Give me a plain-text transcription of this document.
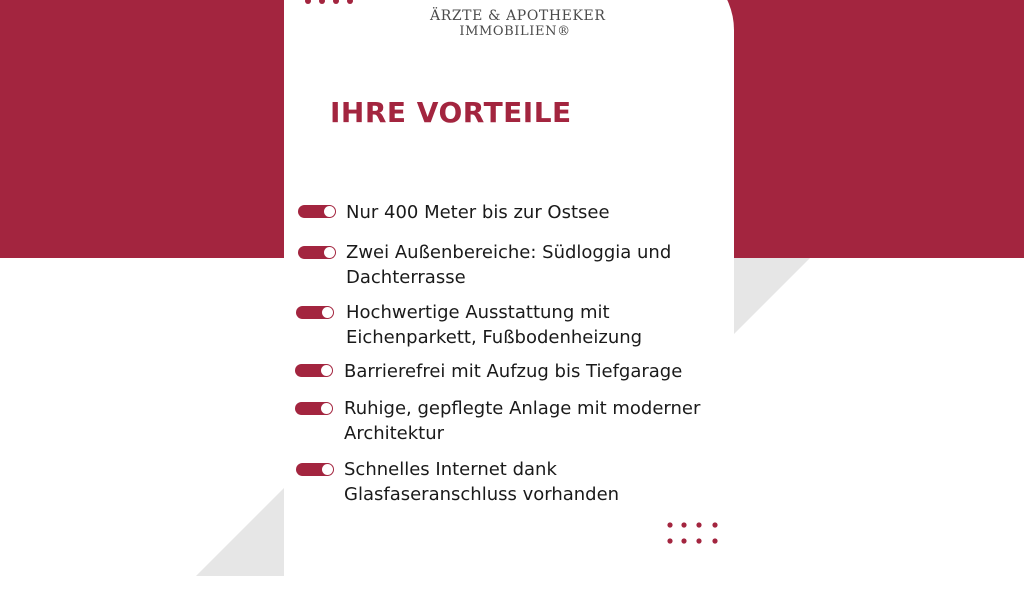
ÄRZTE & APOTHEKER
IMMOBILIEN®
IHRE VORTEILE
Nur 400 Meter bis zur Ostsee
Zwei Außenbereiche: Südloggia und
Dachterrasse
Hochwertige Ausstattung mit
Eichenparkett, Fußbodenheizung
Barrierefrei mit Aufzug bis Tiefgarage
Ruhige, gepflegte Anlage mit moderner
Architektur
Schnelles Internet dank
Glasfaseranschluss vorhanden
